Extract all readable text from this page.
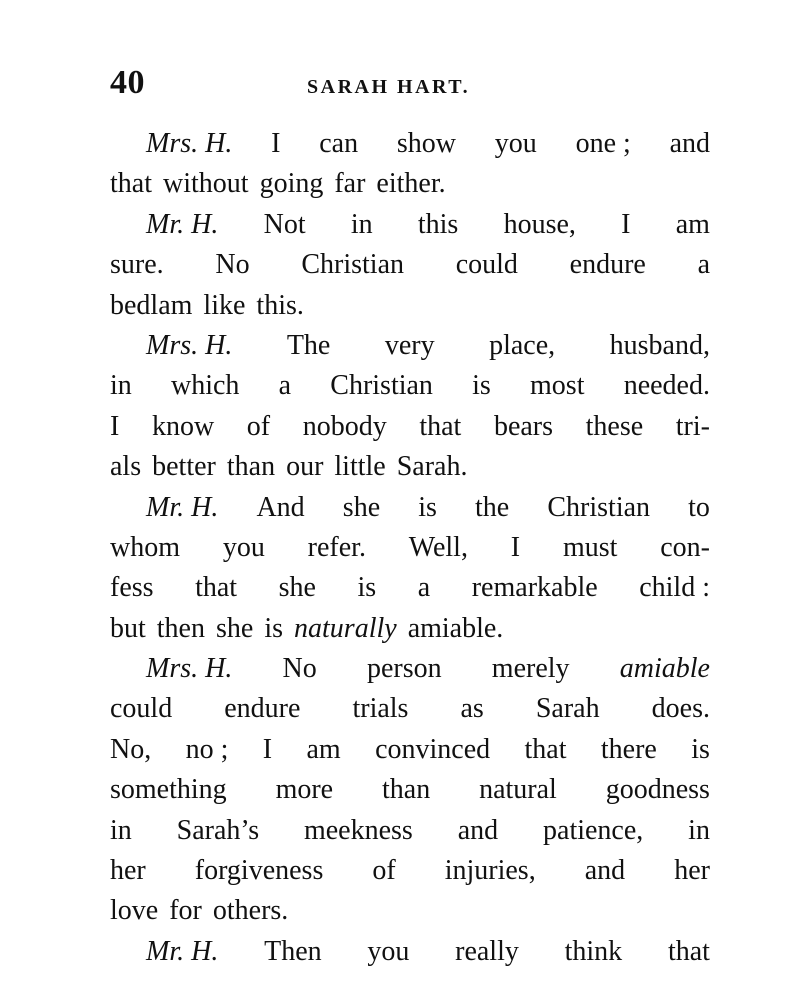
40	SARAH HART.
Mrs. H. I can show you one ; and
that without going far either.
Mr. H. Not in this house, I am
sure. No Christian could endure a
bedlam like this.
Mrs. H. The very place, husband,
in which a Christian is most needed.
I know of nobody that bears these tri-
als better than our little Sarah.
Mr. H. And she is the Christian to
whom you refer. Well, I must con-
fess that she is a remarkable child :
but then she is naturally amiable.
Mrs. H. No person merely amiable
could endure trials as Sarah does.
No, no ; I am convinced that there is
something more than natural goodness
in Sarah’s meekness and patience, in
her forgiveness of injuries, and her
love for others.
Mr. H. Then you really think that
